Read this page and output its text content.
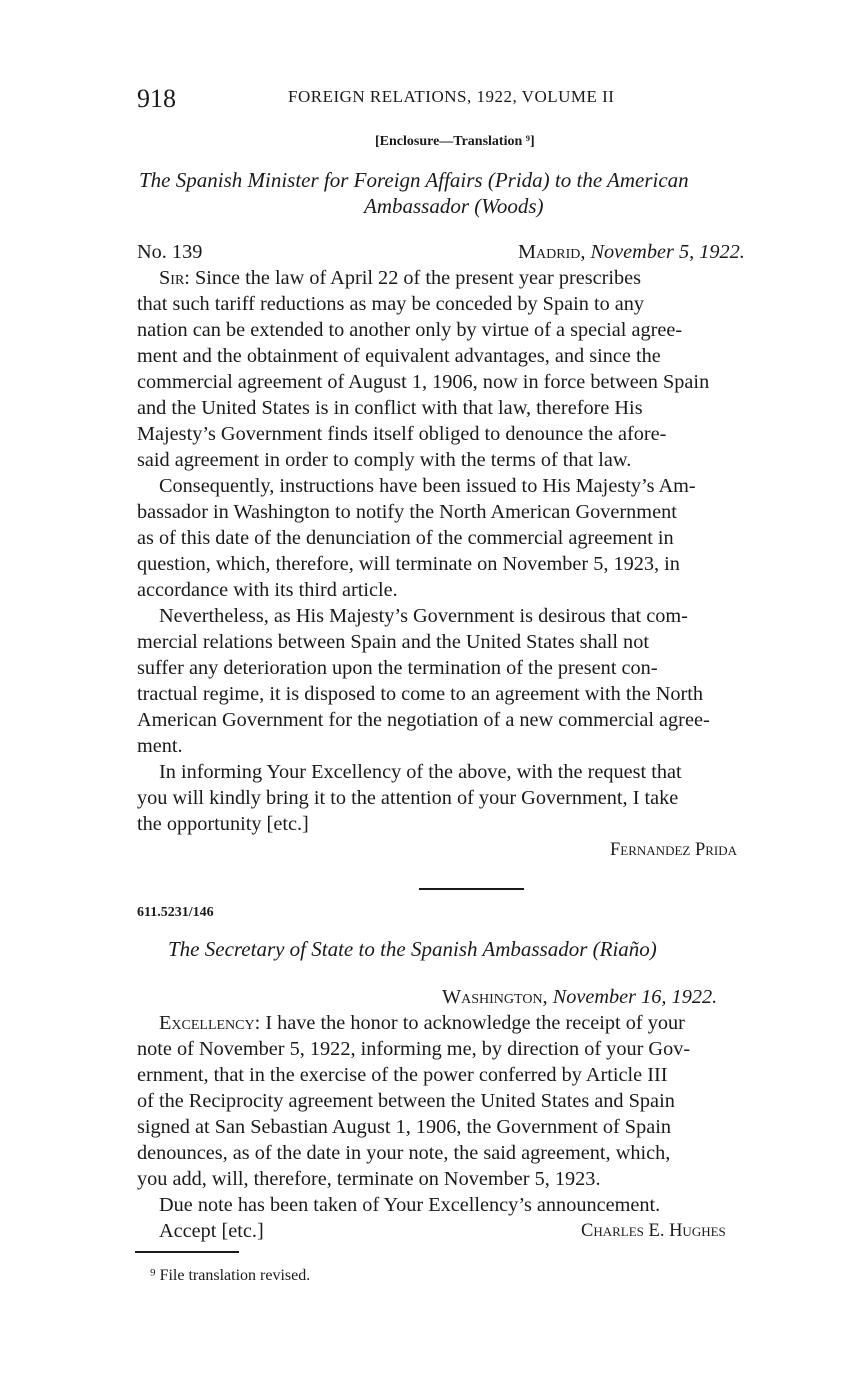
918	FOREIGN RELATIONS, 1922, VOLUME II
[Enclosure—Translation ⁹]
The Spanish Minister for Foreign Affairs (Prida) to the American
Ambassador (Woods)
No. 139	Madrid, November 5, 1922.
Sir: Since the law of April 22 of the present year prescribes
that such tariff reductions as may be conceded by Spain to any
nation can be extended to another only by virtue of a special agree-
ment and the obtainment of equivalent advantages, and since the
commercial agreement of August 1, 1906, now in force between Spain
and the United States is in conflict with that law, therefore His
Majesty’s Government finds itself obliged to denounce the afore-
said agreement in order to comply with the terms of that law.
Consequently, instructions have been issued to His Majesty’s Am-
bassador in Washington to notify the North American Government
as of this date of the denunciation of the commercial agreement in
question, which, therefore, will terminate on November 5, 1923, in
accordance with its third article.
Nevertheless, as His Majesty’s Government is desirous that com-
mercial relations between Spain and the United States shall not
suffer any deterioration upon the termination of the present con-
tractual regime, it is disposed to come to an agreement with the North
American Government for the negotiation of a new commercial agree-
ment.
In informing Your Excellency of the above, with the request that
you will kindly bring it to the attention of your Government, I take
the opportunity [etc.]
Fernandez Prida
611.5231/146
The Secretary of State to the Spanish Ambassador (Riaño)
Washington, November 16, 1922.
Excellency: I have the honor to acknowledge the receipt of your
note of November 5, 1922, informing me, by direction of your Gov-
ernment, that in the exercise of the power conferred by Article III
of the Reciprocity agreement between the United States and Spain
signed at San Sebastian August 1, 1906, the Government of Spain
denounces, as of the date in your note, the said agreement, which,
you add, will, therefore, terminate on November 5, 1923.
Due note has been taken of Your Excellency’s announcement.
Accept [etc.]	Charles E. Hughes
⁹ File translation revised.
